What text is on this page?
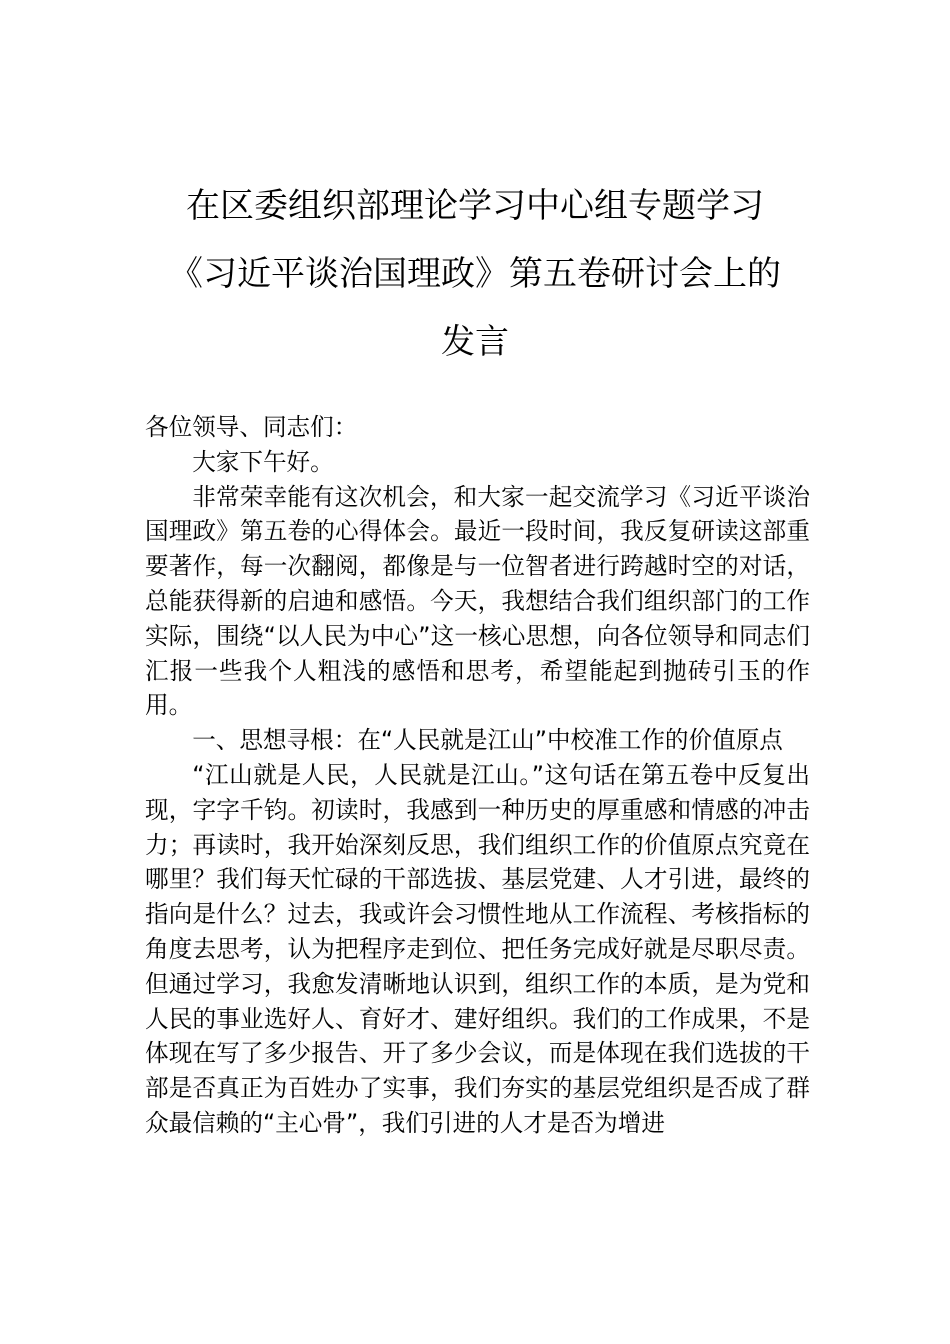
在区委组织部理论学习中心组专题学习
《习近平谈治国理政》第五卷研讨会上的
发言

各位领导、同志们：

大家下午好。

非常荣幸能有这次机会，和大家一起交流学习《习近平谈治国理政》第五卷的心得体会。最近一段时间，我反复研读这部重要著作，每一次翻阅，都像是与一位智者进行跨越时空的对话，总能获得新的启迪和感悟。今天，我想结合我们组织部门的工作实际，围绕“以人民为中心”这一核心思想，向各位领导和同志们汇报一些我个人粗浅的感悟和思考，希望能起到抛砖引玉的作用。

一、思想寻根：在“人民就是江山”中校准工作的价值原点

“江山就是人民，人民就是江山。”这句话在第五卷中反复出现，字字千钧。初读时，我感到一种历史的厚重感和情感的冲击力；再读时，我开始深刻反思，我们组织工作的价值原点究竟在哪里？我们每天忙碌的干部选拔、基层党建、人才引进，最终的指向是什么？过去，我或许会习惯性地从工作流程、考核指标的角度去思考，认为把程序走到位、把任务完成好就是尽职尽责。但通过学习，我愈发清晰地认识到，组织工作的本质，是为党和人民的事业选好人、育好才、建好组织。我们的工作成果，不是体现在写了多少报告、开了多少会议，而是体现在我们选拔的干部是否真正为百姓办了实事，我们夯实的基层党组织是否成了群众最信赖的“主心骨”，我们引进的人才是否为增进
